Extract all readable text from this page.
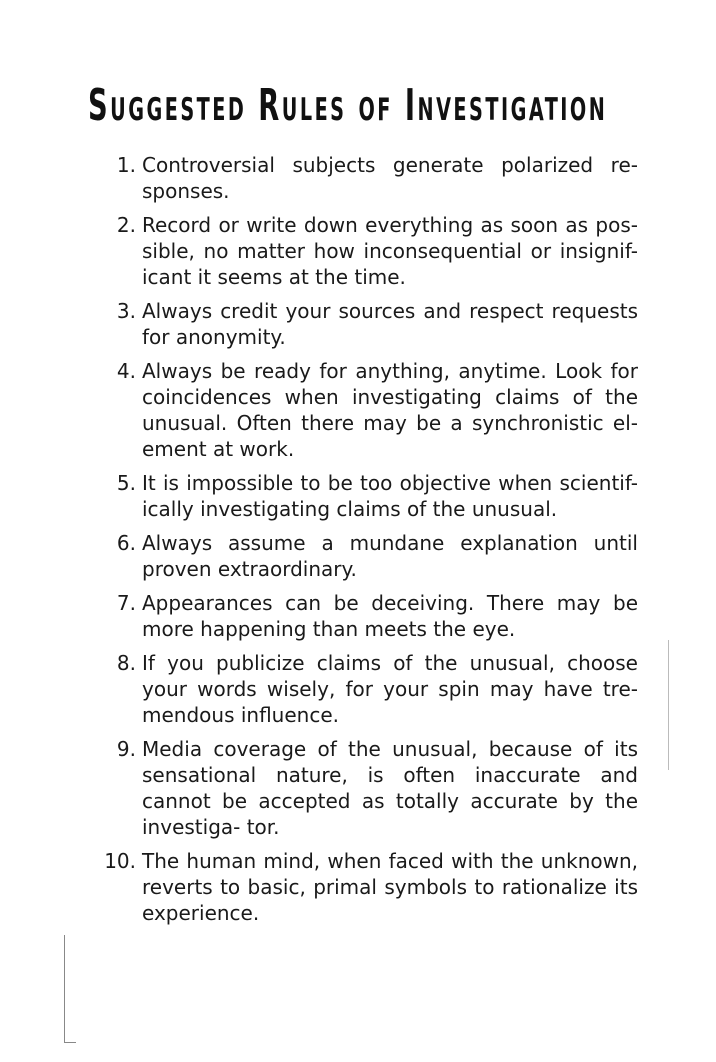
Suggested Rules of Investigation
1. Controversial subjects generate polarized re- sponses.
2. Record or write down everything as soon as pos- sible, no matter how inconsequential or insignif- icant it seems at the time.
3. Always credit your sources and respect requests for anonymity.
4. Always be ready for anything, anytime. Look for coincidences when investigating claims of the unusual. Often there may be a synchronistic el- ement at work.
5. It is impossible to be too objective when scientif- ically investigating claims of the unusual.
6. Always assume a mundane explanation until proven extraordinary.
7. Appearances can be deceiving. There may be more happening than meets the eye.
8. If you publicize claims of the unusual, choose your words wisely, for your spin may have tre- mendous influence.
9. Media coverage of the unusual, because of its sensational nature, is often inaccurate and cannot be accepted as totally accurate by the investiga- tor.
10. The human mind, when faced with the unknown, reverts to basic, primal symbols to rationalize its experience.
